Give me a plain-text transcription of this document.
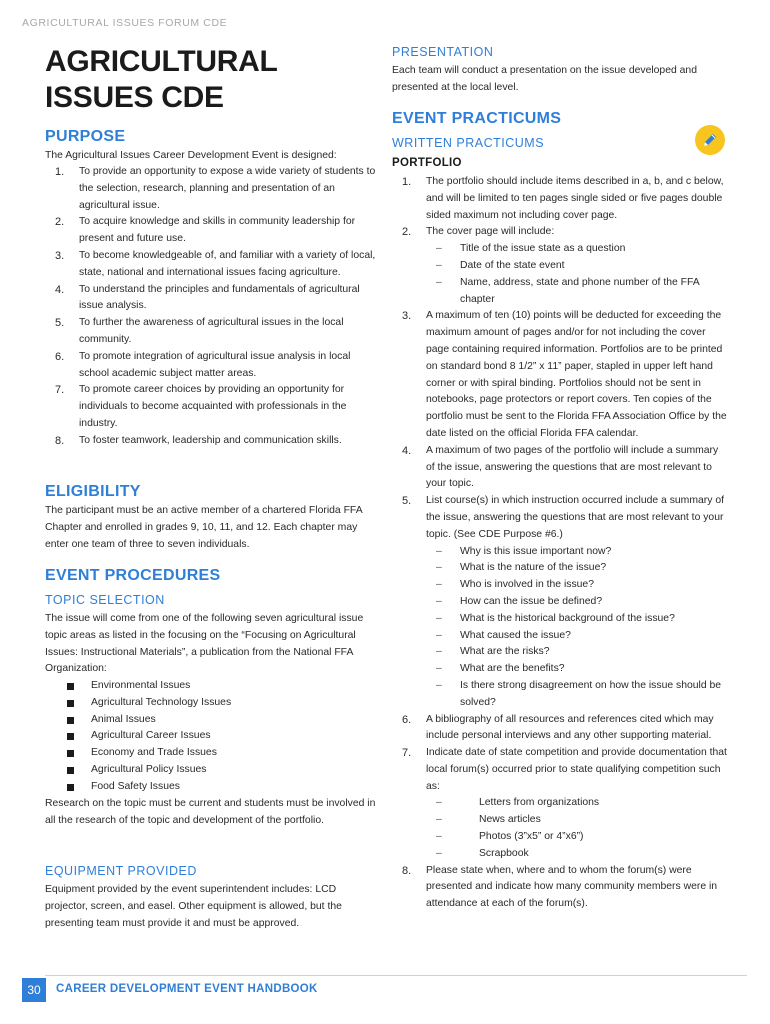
AGRICULTURAL ISSUES FORUM CDE
AGRICULTURAL
ISSUES CDE
PURPOSE
The Agricultural Issues Career Development Event is designed:
1. To provide an opportunity to expose a wide variety of students to the selection, research, planning and presentation of an agricultural issue.
2. To acquire knowledge and skills in community leadership for present and future use.
3. To become knowledgeable of, and familiar with a variety of local, state, national and international issues facing agriculture.
4. To understand the principles and fundamentals of agricultural issue analysis.
5. To further the awareness of agricultural issues in the local community.
6. To promote integration of agricultural issue analysis in local school academic subject matter areas.
7. To promote career choices by providing an opportunity for individuals to become acquainted with professionals in the industry.
8. To foster teamwork, leadership and communication skills.
ELIGIBILITY
The participant must be an active member of a chartered Florida FFA Chapter and enrolled in grades 9, 10, 11, and 12. Each chapter may enter one team of three to seven individuals.
EVENT PROCEDURES
TOPIC SELECTION
The issue will come from one of the following seven agricultural issue topic areas as listed in the focusing on the “Focusing on Agricultural Issues: Instructional Materials”, a publication from the National FFA Organization:
Environmental Issues
Agricultural Technology Issues
Animal Issues
Agricultural Career Issues
Economy and Trade Issues
Agricultural Policy Issues
Food Safety Issues
Research on the topic must be current and students must be involved in all the research of the topic and development of the portfolio.
EQUIPMENT PROVIDED
Equipment provided by the event superintendent includes: LCD projector, screen, and easel. Other equipment is allowed, but the presenting team must provide it and must be approved.
PRESENTATION
Each team will conduct a presentation on the issue developed and presented at the local level.
EVENT PRACTICUMS
WRITTEN PRACTICUMS
PORTFOLIO
1. The portfolio should include items described in a, b, and c below, and will be limited to ten pages single sided or five pages double sided maximum not including cover page.
2. The cover page will include:
– Title of the issue state as a question
– Date of the state event
– Name, address, state and phone number of the FFA chapter
3. A maximum of ten (10) points will be deducted for exceeding the maximum amount of pages and/or for not including the cover page containing required information. Portfolios are to be printed on standard bond 8 1/2” x 11” paper, stapled in upper left hand corner or with spiral binding. Portfolios should not be sent in notebooks, page protectors or report covers. Ten copies of the portfolio must be sent to the Florida FFA Association Office by the date listed on the official Florida FFA calendar.
4. A maximum of two pages of the portfolio will include a summary of the issue, answering the questions that are most relevant to your topic.
5. List course(s) in which instruction occurred include a summary of the issue, answering the questions that are most relevant to your topic. (See CDE Purpose #6.)
– Why is this issue important now?
– What is the nature of the issue?
– Who is involved in the issue?
– How can the issue be defined?
– What is the historical background of the issue?
– What caused the issue?
– What are the risks?
– What are the benefits?
– Is there strong disagreement on how the issue should be solved?
6. A bibliography of all resources and references cited which may include personal interviews and any other supporting material.
7. Indicate date of state competition and provide documentation that local forum(s) occurred prior to state qualifying competition such as:
– Letters from organizations
– News articles
– Photos (3”x5” or 4”x6”)
– Scrapbook
8. Please state when, where and to whom the forum(s) were presented and indicate how many community members were in attendance at each of the forum(s).
30	CAREER DEVELOPMENT EVENT HANDBOOK
